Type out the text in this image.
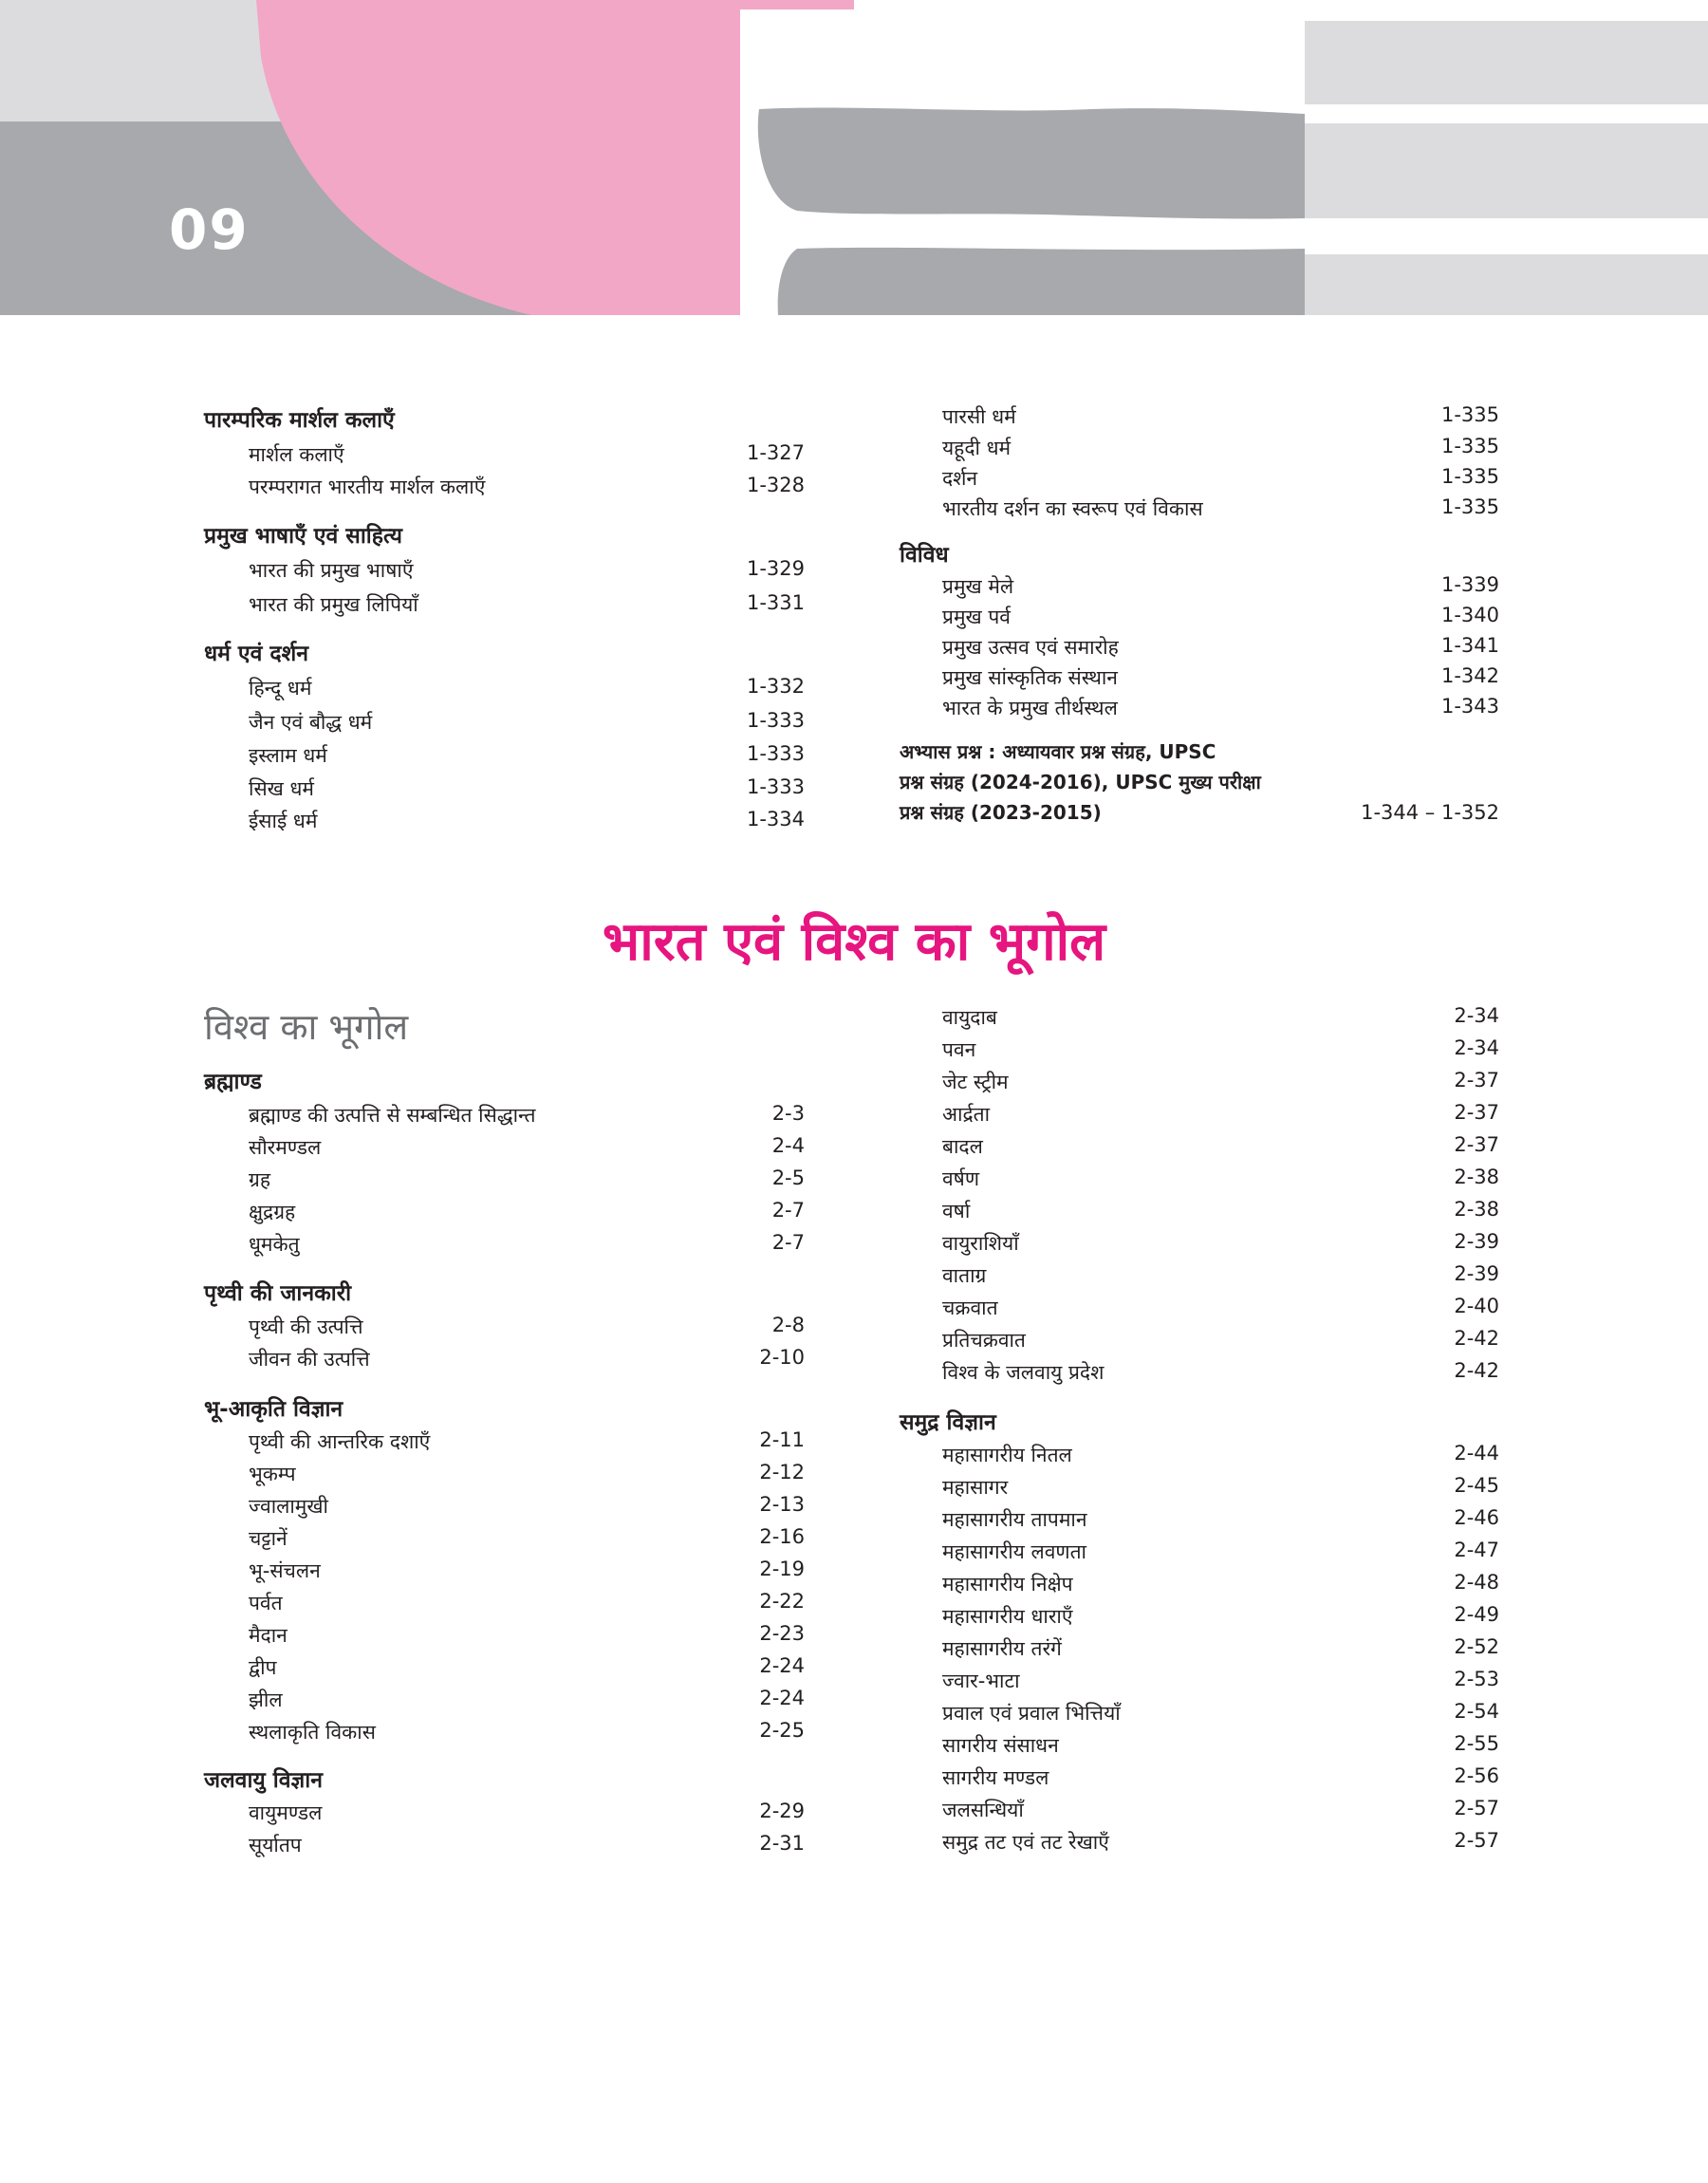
09
पारम्परिक मार्शल कलाएँ
मार्शल कलाएँ	1-327
परम्परागत भारतीय मार्शल कलाएँ	1-328
प्रमुख भाषाएँ एवं साहित्य
भारत की प्रमुख भाषाएँ	1-329
भारत की प्रमुख लिपियाँ	1-331
धर्म एवं दर्शन
हिन्दू धर्म	1-332
जैन एवं बौद्ध धर्म	1-333
इस्लाम धर्म	1-333
सिख धर्म	1-333
ईसाई धर्म	1-334
पारसी धर्म	1-335
यहूदी धर्म	1-335
दर्शन	1-335
भारतीय दर्शन का स्वरूप एवं विकास	1-335
विविध
प्रमुख मेले	1-339
प्रमुख पर्व	1-340
प्रमुख उत्सव एवं समारोह	1-341
प्रमुख सांस्कृतिक संस्थान	1-342
भारत के प्रमुख तीर्थस्थल	1-343
अभ्यास प्रश्न : अध्यायवार प्रश्न संग्रह, UPSC
प्रश्न संग्रह (2024-2016), UPSC मुख्य परीक्षा
प्रश्न संग्रह (2023-2015)	1-344 – 1-352
भारत एवं विश्व का भूगोल
विश्व का भूगोल
ब्रह्माण्ड
ब्रह्माण्ड की उत्पत्ति से सम्बन्धित सिद्धान्त	2-3
सौरमण्डल	2-4
ग्रह	2-5
क्षुद्रग्रह	2-7
धूमकेतु	2-7
पृथ्वी की जानकारी
पृथ्वी की उत्पत्ति	2-8
जीवन की उत्पत्ति	2-10
भू-आकृति विज्ञान
पृथ्वी की आन्तरिक दशाएँ	2-11
भूकम्प	2-12
ज्वालामुखी	2-13
चट्टानें	2-16
भू-संचलन	2-19
पर्वत	2-22
मैदान	2-23
द्वीप	2-24
झील	2-24
स्थलाकृति विकास	2-25
जलवायु विज्ञान
वायुमण्डल	2-29
सूर्यातप	2-31
वायुदाब	2-34
पवन	2-34
जेट स्ट्रीम	2-37
आर्द्रता	2-37
बादल	2-37
वर्षण	2-38
वर्षा	2-38
वायुराशियाँ	2-39
वाताग्र	2-39
चक्रवात	2-40
प्रतिचक्रवात	2-42
विश्व के जलवायु प्रदेश	2-42
समुद्र विज्ञान
महासागरीय नितल	2-44
महासागर	2-45
महासागरीय तापमान	2-46
महासागरीय लवणता	2-47
महासागरीय निक्षेप	2-48
महासागरीय धाराएँ	2-49
महासागरीय तरंगें	2-52
ज्वार-भाटा	2-53
प्रवाल एवं प्रवाल भित्तियाँ	2-54
सागरीय संसाधन	2-55
सागरीय मण्डल	2-56
जलसन्धियाँ	2-57
समुद्र तट एवं तट रेखाएँ	2-57
